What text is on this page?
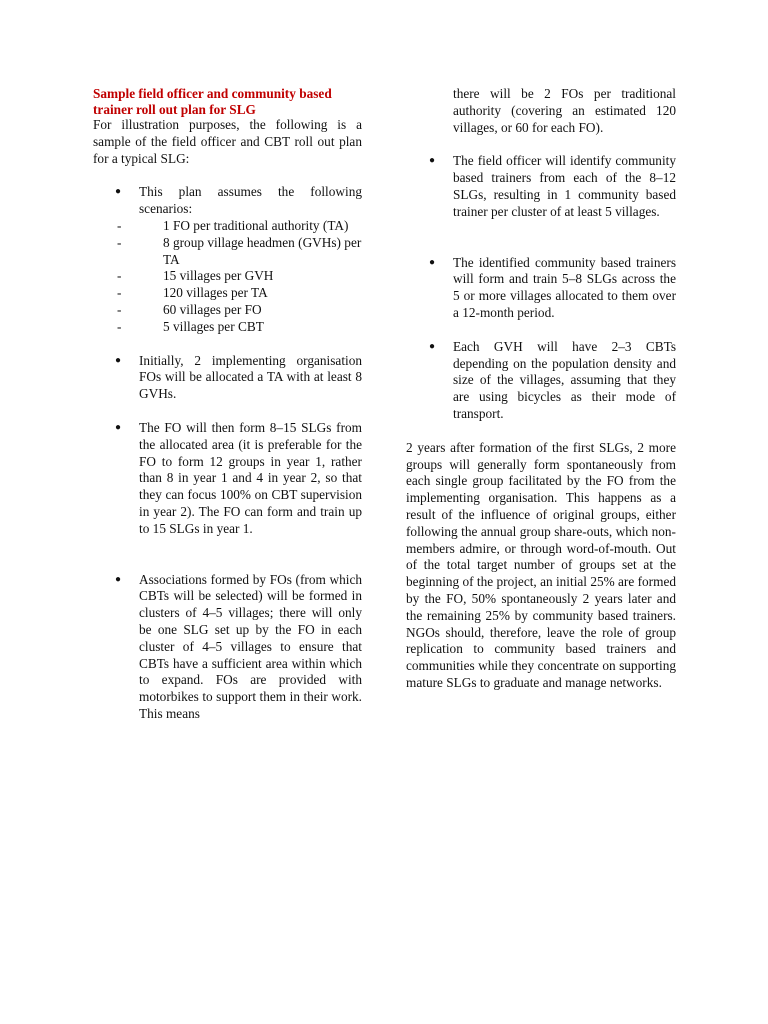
Sample field officer and community based trainer roll out plan for SLG

For illustration purposes, the following is a sample of the field officer and CBT roll out plan for a typical SLG:

● This plan assumes the following scenarios:
-	1 FO per traditional authority (TA)
-	8 group village headmen (GVHs) per TA
-	15 villages per GVH
-	120 villages per TA
-	60 villages per FO
-	5 villages per CBT
● Initially, 2 implementing organisation FOs will be allocated a TA with at least 8 GVHs.
● The FO will then form 8–15 SLGs from the allocated area (it is preferable for the FO to form 12 groups in year 1, rather than 8 in year 1 and 4 in year 2, so that they can focus 100% on CBT supervision in year 2). The FO can form and train up to 15 SLGs in year 1.
● Associations formed by FOs (from which CBTs will be selected) will be formed in clusters of 4–5 villages; there will only be one SLG set up by the FO in each cluster of 4–5 villages to ensure that CBTs have a sufficient area within which to expand. FOs are provided with motorbikes to support them in their work. This means

there will be 2 FOs per traditional authority (covering an estimated 120 villages, or 60 for each FO).

● The field officer will identify community based trainers from each of the 8–12 SLGs, resulting in 1 community based trainer per cluster of at least 5 villages.
● The identified community based trainers will form and train 5–8 SLGs across the 5 or more villages allocated to them over a 12-month period.
● Each GVH will have 2–3 CBTs depending on the population density and size of the villages, assuming that they are using bicycles as their mode of transport.

2 years after formation of the first SLGs, 2 more groups will generally form spontaneously from each single group facilitated by the FO from the implementing organisation. This happens as a result of the influence of original groups, either following the annual group share-outs, which non-members admire, or through word-of-mouth. Out of the total target number of groups set at the beginning of the project, an initial 25% are formed by the FO, 50% spontaneously 2 years later and the remaining 25% by community based trainers. NGOs should, therefore, leave the role of group replication to community based trainers and communities while they concentrate on supporting mature SLGs to graduate and manage networks.
